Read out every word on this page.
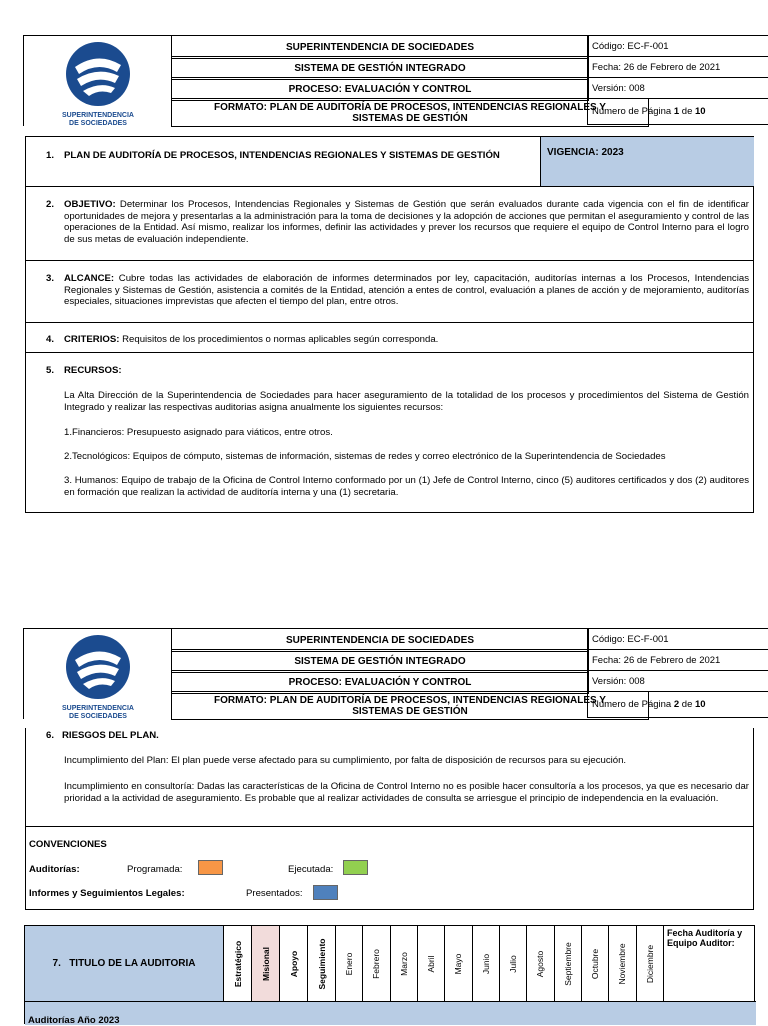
SUPERINTENDENCIA
DE SOCIEDADES
SUPERINTENDENCIA DE SOCIEDADES
SISTEMA DE GESTIÓN INTEGRADO
PROCESO: EVALUACIÓN Y CONTROL
FORMATO: PLAN DE AUDITORÍA DE PROCESOS, INTENDENCIAS REGIONALES Y SISTEMAS DE GESTIÓN
Código: EC-F-001
Fecha: 26 de Febrero de 2021
Versión: 008
Número de Página
1
de
10
1. PLAN DE AUDITORÍA DE PROCESOS, INTENDENCIAS REGIONALES Y SISTEMAS DE GESTIÓN	VIGENCIA: 2023
2. OBJETIVO: Determinar los Procesos, Intendencias Regionales y Sistemas de Gestión que serán evaluados durante cada vigencia con el fin de identificar oportunidades de mejora y presentarlas a la administración para la toma de decisiones y la adopción de acciones que permitan el aseguramiento y control de las operaciones de la Entidad. Así mismo, realizar los informes, definir las actividades y prever los recursos que requiere el equipo de Control Interno para el logro de sus metas de evaluación independiente.
3. ALCANCE: Cubre todas las actividades de elaboración de informes determinados por ley, capacitación, auditorías internas a los Procesos, Intendencias Regionales y Sistemas de Gestión, asistencia a comités de la Entidad, atención a entes de control, evaluación a planes de acción y de mejoramiento, auditorías especiales, situaciones imprevistas que afecten el tiempo del plan, entre otros.
4. CRITERIOS: Requisitos de los procedimientos o normas aplicables según corresponda.
5. RECURSOS:
La Alta Dirección de la Superintendencia de Sociedades para hacer aseguramiento de la totalidad de los procesos y procedimientos del Sistema de Gestión Integrado y realizar las respectivas auditorias asigna anualmente los siguientes recursos:
1.Financieros: Presupuesto asignado para viáticos, entre otros.
2.Tecnológicos: Equipos de cómputo, sistemas de información, sistemas de redes y correo electrónico de la Superintendencia de Sociedades
3. Humanos: Equipo de trabajo de la Oficina de Control Interno conformado por un (1) Jefe de Control Interno, cinco (5) auditores certificados y dos (2) auditores en formación que realizan la actividad de auditoría interna y una (1) secretaria.
SUPERINTENDENCIA
DE SOCIEDADES
SUPERINTENDENCIA DE SOCIEDADES
SISTEMA DE GESTIÓN INTEGRADO
PROCESO: EVALUACIÓN Y CONTROL
FORMATO: PLAN DE AUDITORÍA DE PROCESOS, INTENDENCIAS REGIONALES Y SISTEMAS DE GESTIÓN
Código: EC-F-001
Fecha: 26 de Febrero de 2021
Versión: 008
Número de Página
2
de
10
6.   RIESGOS DEL PLAN.
Incumplimiento del Plan: El plan puede verse afectado para su cumplimiento, por falta de disposición de recursos para su ejecución.
Incumplimiento en consultoría: Dadas las características de la Oficina de Control Interno no es posible hacer consultoría a los procesos, ya que es necesario dar prioridad a la actividad de aseguramiento. Es probable que al realizar actividades de consulta se arriesgue el principio de independencia en la evaluación.
CONVENCIONES
Auditorías:	Programada:	Ejecutada:
Informes y Seguimientos Legales:	Presentados:
7.   TITULO DE LA AUDITORIA	Estratégico Misional Apoyo Seguimiento Enero Febrero Marzo Abril Mayo Junio Julio Agosto Septiembre Octubre Noviembre Diciembre
Fecha Auditoría y Equipo Auditor:
Auditorías Año 2023
